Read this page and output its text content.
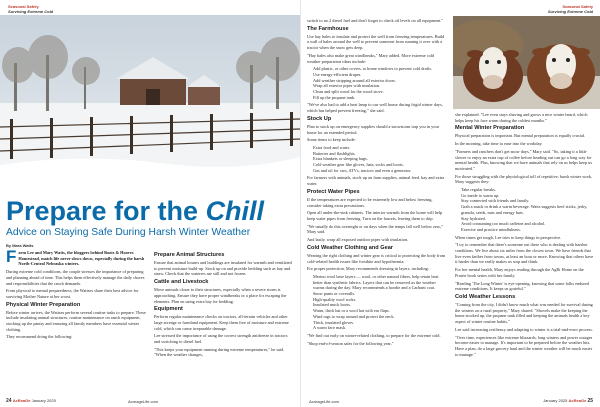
Seasonal Safety
Surviving Extreme Cold
Prepare for the Chill
Advice on Staying Safe During Harsh Winter Weather
By Mara Watts

Farm Lee and Mary Watts, the bloggers behind Boots & Hooves Homestead, match life never slows down, especially during the harsh North-Central Nebraska winters.

During extreme cold conditions, the couple stresses the importance of preparing and planning ahead of time. This helps them effectively manage the daily chores and responsibilities that the ranch demands.

From physical to mental preparedness, the Wattses share their best advice for surviving Mother Nature at her worst.

Physical Winter Preparation

Before winter arrives, the Wattses perform several routine tasks to prepare. These include insulating animal structures, routine maintenance on ranch equipment, stocking up the pantry and ensuring all family members have essential winter clothing.

They recommend doing the following:

Prepare Animal Structures

Ensure that animal houses and buildings are insulated for warmth and ventilated to prevent moisture build-up. Stock up on and provide bedding such as hay and straw. Check that the waterers are still and not frozen.

Cattle and Livestock

Move animals closer to their structures, especially when a severe storm is approaching. Ensure they have proper windbreaks or a place for escaping the elements. Plan on using extra hay for bedding.

Equipment

Perform regular maintenance checks on tractors, all-terrain vehicles and other large acreage or farmland equipment. Keep them free of moisture and extreme cold, which can cause irreparable damage.

Lee stressed the importance of using the correct strength antifreeze in tractors and switching to diesel fuel.

"This keeps your equipment running during extreme temperatures," he said. "When the weather changes,

24 AcReaGe January 2025	AcreageLife.com
Seasonal Safety
Surviving Extreme Cold

switch to no.2 diesel fuel and don't forget to check oil levels on all equipment."

The Farmhouse

Use hay bales to insulate and protect the well from freezing temperatures. Build a wall of bales around the well to prevent someone from running it over with a tractor when the snow gets deep.

"Hay bales also make great windbreaks," Mary added. More extreme cold weather preparation ideas include:

• Add plastic, or other covers, to home windows to prevent cold drafts.
• Use energy-efficient drapes.
• Add weather stripping around all exterior doors.
• Wrap all exterior pipes with insulation.
• Clean and split wood for the wood stove.
• Fill up the propane tank.

"We've also had to add a heat lamp to our well house during frigid winter days, which has helped prevent freezing," she said.

Stock Up

Plan to stock up on emergency supplies should a snowstorm trap you in your home for an extended period.

Some items to keep include:

• Extra food and water.
• Batteries and flashlights.
• Extra blankets or sleeping bags.
• Cold weather gear like gloves, hats, socks and boots.
• Gas and oil for cars, ATVs, tractors and even a generator.

For farmers with animals, stock up on farm supplies, animal feed, hay and extra water.

Protect Water Pipes

If the temperatures are expected to be extremely low and below freezing, consider taking extra precautions.

Open all under-the-sink cabinets. The interior warmth from the home will help keep water pipes from freezing. Turn on the faucets, leaving them to drip.

"We usually do this overnight or on days when the temps fall well below zero," Mary said.

And lastly, wrap all exposed outdoor pipes with insulation.

Cold Weather Clothing and Gear

Wearing the right clothing and winter gear is critical to protecting the body from cold-related health issues like frostbite and hypothermia.

For proper protection, Mary recommends dressing in layers, including:

• Merino wool base layers — wool, or other natural fibers, help retain heat better than synthetic fabrics. Layers that can be removed as the weather warms during the day. Mary recommends a hoodie and a Carhartt coat.
• Snow pants or coveralls.
• High-quality wool socks.
• Insulated muck boots.
• Warm, thick hat or a wool hat with ear flaps.
• Wind rags to wrap around and protect the neck.
• Thick, insulated gloves.
• A warm face mask.

"We find out early on winter-related clothing, to prepare for the extreme cold.

"Shop end-of-season sales for the following year,"

she explained. "Lee even stays shaving and grows a nice winter beard, which helps keep his face warm during the coldest months."

Mental Winter Preparation

Physical preparation is important. But mental preparation is equally crucial.

In the morning, take time to ease into the workday.

"Farmers and ranchers don't get snow days," Mary said. "So, taking it a little slower to enjoy an extra cup of coffee before heading out can go a long way for mental health. Plus, knowing that we have animals that rely on us helps keep us motivated."

For those struggling with the physiological toll of repetitive, harsh winter work, Mary suggests they:

• Take regular breaks.
• Go inside to warm up.
• Stay connected with friends and family.
• Grab a snack or drink a warm beverage. Watts suggests beef sticks, jerky, granola, seeds, nuts and energy bars.
• Stay hydrated.
• Avoid consuming too much caffeine and alcohol.
• Exercise and practice mindfulness.

When times get tough, Lee tries to keep things in perspective.

"I try to remember that there's someone out there who is dealing with harsher conditions. We live about six miles from the closest town. We have friends that live even farther from towns, at least an hour or more. Knowing that others have it harder than we really makes us stop and think.

For her mental health, Mary enjoys reading through the AgRi Home on the Prairie book series with her family.

"Reading 'The Long Winter' is eye-opening, knowing that some folks endured extreme conditions. It keeps us grateful."

Cold Weather Lessons

"Coming from the city, I didn't know much what was needed for survival during the winters on a rural property," Mary shared. "Shovels make the keeping the home stocked up, the propane tank filled and keeping the animals health a key aspect of winter routine habits."

Lee said increasing resiliency and adapting to winter is a trial-and-error process.

"Over time, experiences like extreme blizzards, long winters and power outages become easier to manage. It's important to be prepared before the weather hits. Have a plan, do a large grocery haul and the winter weather will be much easier to manage."

AcreageLife.com	January 2025 AcReaGe 25
